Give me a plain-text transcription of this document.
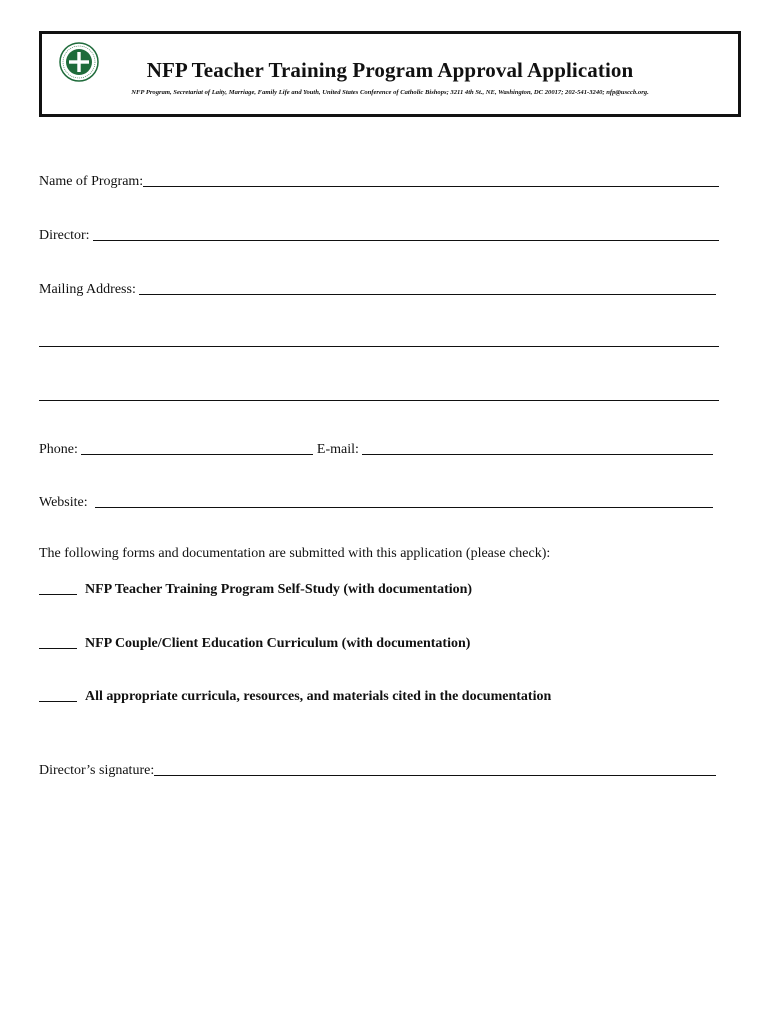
NFP Teacher Training Program Approval Application
NFP Program, Secretariat of Laity, Marriage, Family Life and Youth, United States Conference of Catholic Bishops; 3211 4th St., NE, Washington, DC 20017; 202-541-3240; nfp@usccb.org.
Name of Program:
Director:
Mailing Address:
Phone:	E-mail:
Website:
The following forms and documentation are submitted with this application (please check):
NFP Teacher Training Program Self-Study (with documentation)
NFP Couple/Client Education Curriculum (with documentation)
All appropriate curricula, resources, and materials cited in the documentation
Director’s signature:
